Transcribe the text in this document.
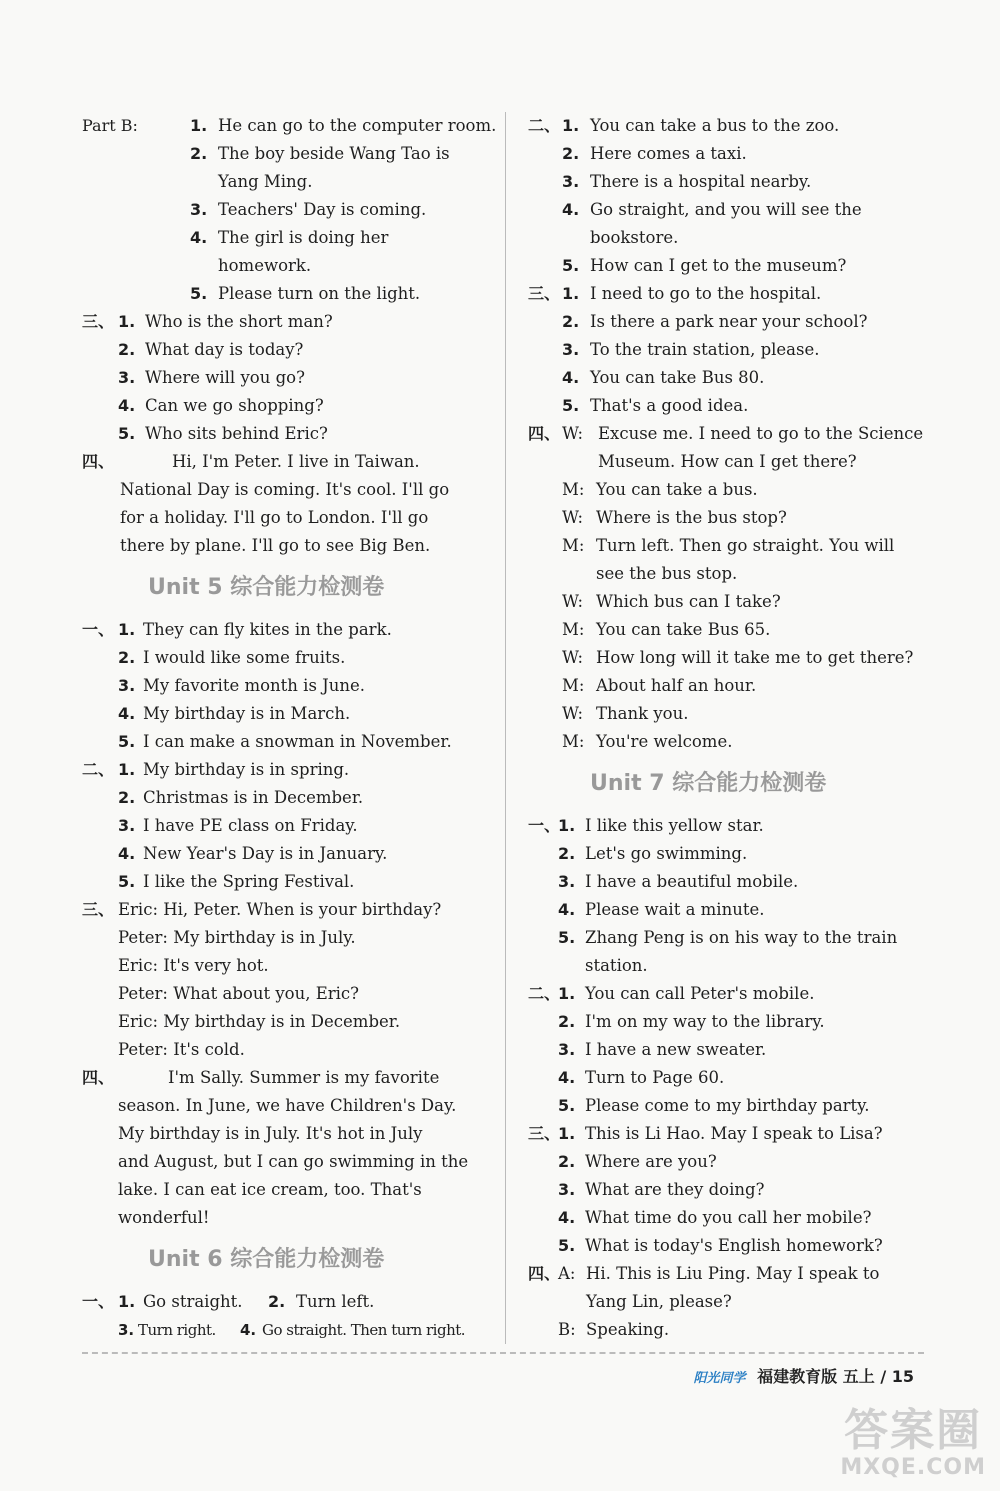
Part B:	1. He can go to the computer room.
2. The boy beside Wang Tao is
Yang Ming.
3. Teachers' Day is coming.
4. The girl is doing her
homework.
5. Please turn on the light.
三、 1. Who is the short man?
2. What day is today?
3. Where will you go?
4. Can we go shopping?
5. Who sits behind Eric?
四、	Hi, I'm Peter. I live in Taiwan.
National Day is coming. It's cool. I'll go
for a holiday. I'll go to London. I'll go
there by plane. I'll go to see Big Ben.
Unit 5 综合能力检测卷
一、 1. They can fly kites in the park.
2. I would like some fruits.
3. My favorite month is June.
4. My birthday is in March.
5. I can make a snowman in November.
二、 1. My birthday is in spring.
2. Christmas is in December.
3. I have PE class on Friday.
4. New Year's Day is in January.
5. I like the Spring Festival.
三、 Eric: Hi, Peter. When is your birthday?
Peter: My birthday is in July.
Eric: It's very hot.
Peter: What about you, Eric?
Eric: My birthday is in December.
Peter: It's cold.
四、	I'm Sally. Summer is my favorite
season. In June, we have Children's Day.
My birthday is in July. It's hot in July
and August, but I can go swimming in the
lake. I can eat ice cream, too. That's
wonderful!
Unit 6 综合能力检测卷
一、 1. Go straight. 2. Turn left.
3. Turn right. 4. Go straight. Then turn right.
二、 1. You can take a bus to the zoo.
2. Here comes a taxi.
3. There is a hospital nearby.
4. Go straight, and you will see the
bookstore.
5. How can I get to the museum?
三、 1. I need to go to the hospital.
2. Is there a park near your school?
3. To the train station, please.
4. You can take Bus 80.
5. That's a good idea.
四、 W: Excuse me. I need to go to the Science
Museum. How can I get there?
M: You can take a bus.
W: Where is the bus stop?
M: Turn left. Then go straight. You will
see the bus stop.
W: Which bus can I take?
M: You can take Bus 65.
W: How long will it take me to get there?
M: About half an hour.
W: Thank you.
M: You're welcome.
Unit 7 综合能力检测卷
一、
1. I like this yellow star.
2. Let's go swimming.
3. I have a beautiful mobile.
4. Please wait a minute.
5. Zhang Peng is on his way to the train
station.
二、
1. You can call Peter's mobile.
2. I'm on my way to the library.
3. I have a new sweater.
4. Turn to Page 60.
5. Please come to my birthday party.
三、
1. This is Li Hao. May I speak to Lisa?
2. Where are you?
3. What are they doing?
4. What time do you call her mobile?
5. What is today's English homework?
四、
A: Hi. This is Liu Ping. May I speak to
Yang Lin, please?
B: Speaking.
阳光同学 福建教育版 五上 / 15
答案圈
MXQE.COM
